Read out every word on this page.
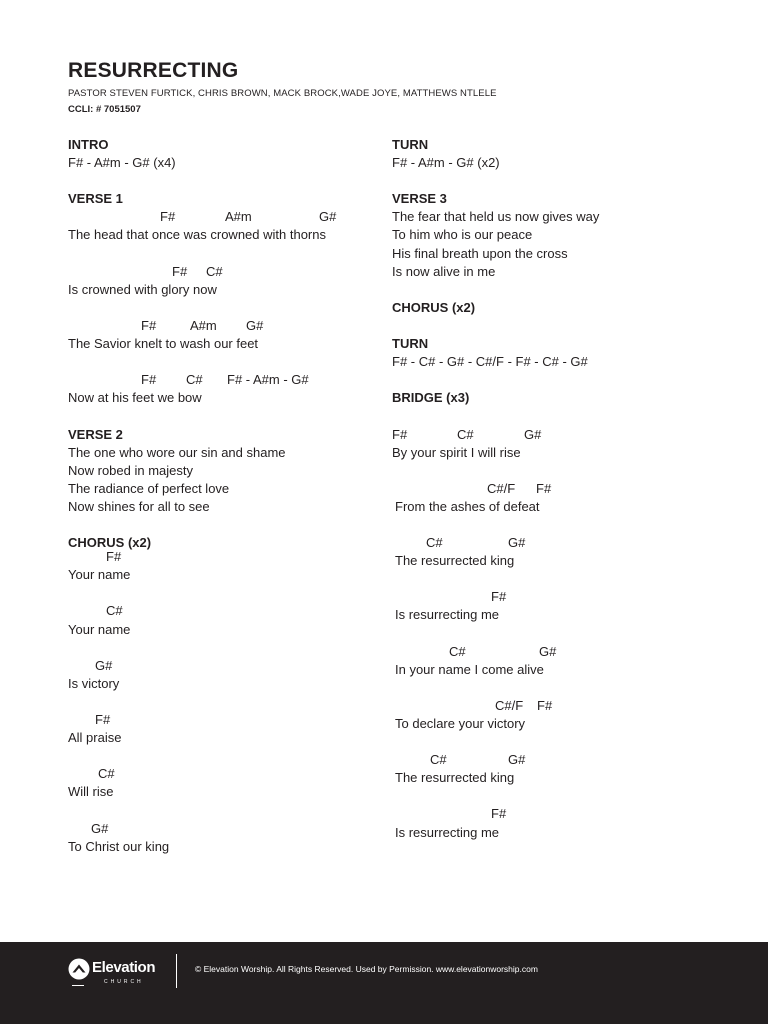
RESURRECTING
PASTOR STEVEN FURTICK, CHRIS BROWN, MACK BROCK,WADE JOYE, MATTHEWS NTLELE
CCLI: # 7051507
INTRO
F# - A#m - G# (x4)
VERSE 1
F#	A#m	G#
The head that once was crowned with thorns
F# C#
Is crowned with glory now
F#	A#m G#
The Savior knelt to wash our feet
F# C# F# - A#m - G#
Now at his feet we bow
VERSE 2
The one who wore our sin and shame
Now robed in majesty
The radiance of perfect love
Now shines for all to see
CHORUS (x2)
F#
Your name
C#
Your name
G#
Is victory
F#
All praise
C#
Will rise
G#
To Christ our king
TURN
F# - A#m - G# (x2)
VERSE 3
The fear that held us now gives way
To him who is our peace
His final breath upon the cross
Is now alive in me
CHORUS (x2)
TURN
F# - C# - G# - C#/F - F# - C# - G#
BRIDGE (x3)
F#	C#	G#
By your spirit I will rise
C#/F F#
From the ashes of defeat
C#	G#
The resurrected king
F#
Is resurrecting me
C#	G#
In your name I come alive
C#/F F#
To declare your victory
C#	G#
The resurrected king
F#
Is resurrecting me
Elevation
CHURCH
© Elevation Worship. All Rights Reserved. Used by Permission. www.elevationworship.com
